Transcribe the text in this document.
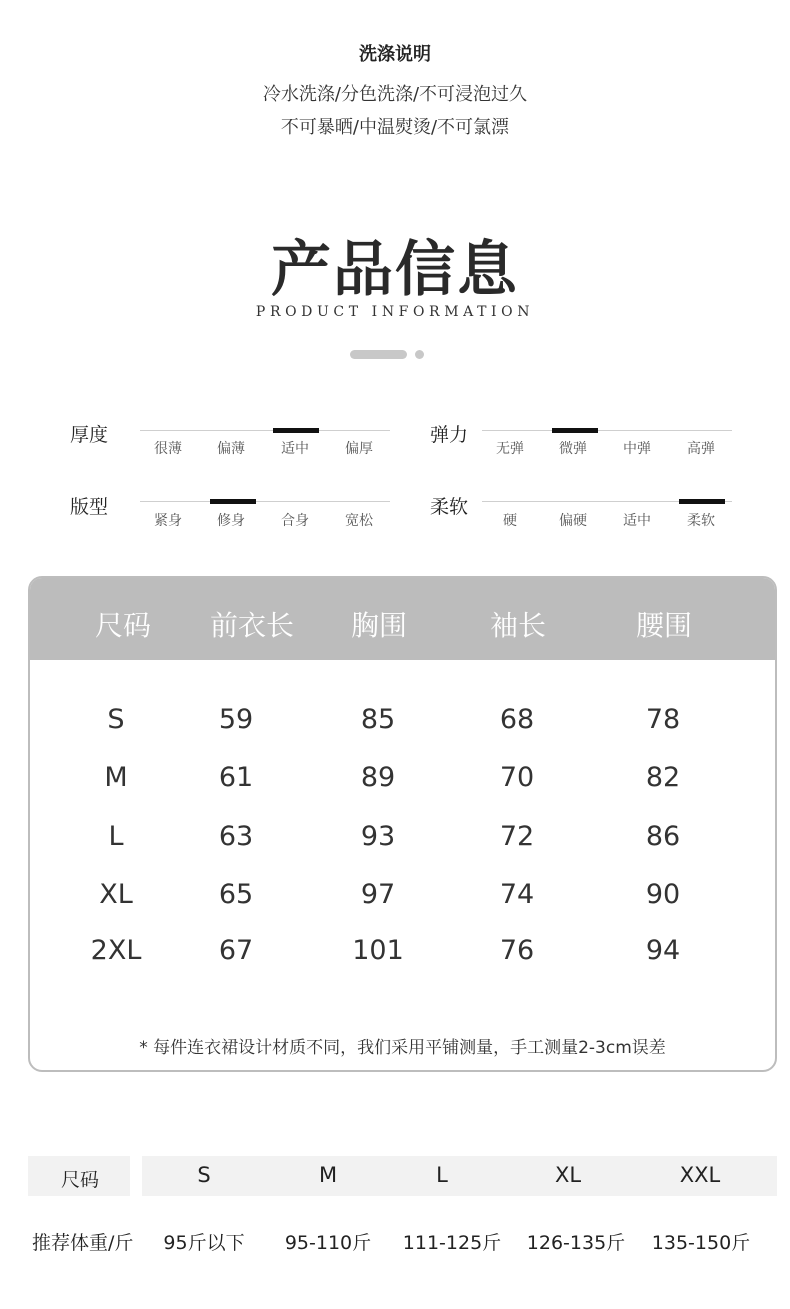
洗涤说明
冷水洗涤/分色洗涤/不可浸泡过久
不可暴晒/中温熨烫/不可氯漂
产品信息
PRODUCT INFORMATION
厚度
很薄	偏薄	适中	偏厚
弹力
无弹	微弹	中弹	高弹
版型
紧身	修身	合身	宽松
柔软
硬	偏硬	适中	柔软
尺码	前衣长	胸围	袖长	腰围
S	59	85	68	78
M	61	89	70	82
L	63	93	72	86
XL	65	97	74	90
2XL	67	101	76	94
* 每件连衣裙设计材质不同，我们采用平铺测量，手工测量2-3cm误差
尺码	S	M	L	XL	XXL
推荐体重/斤	95斤以下	95-110斤	111-125斤	126-135斤	135-150斤
